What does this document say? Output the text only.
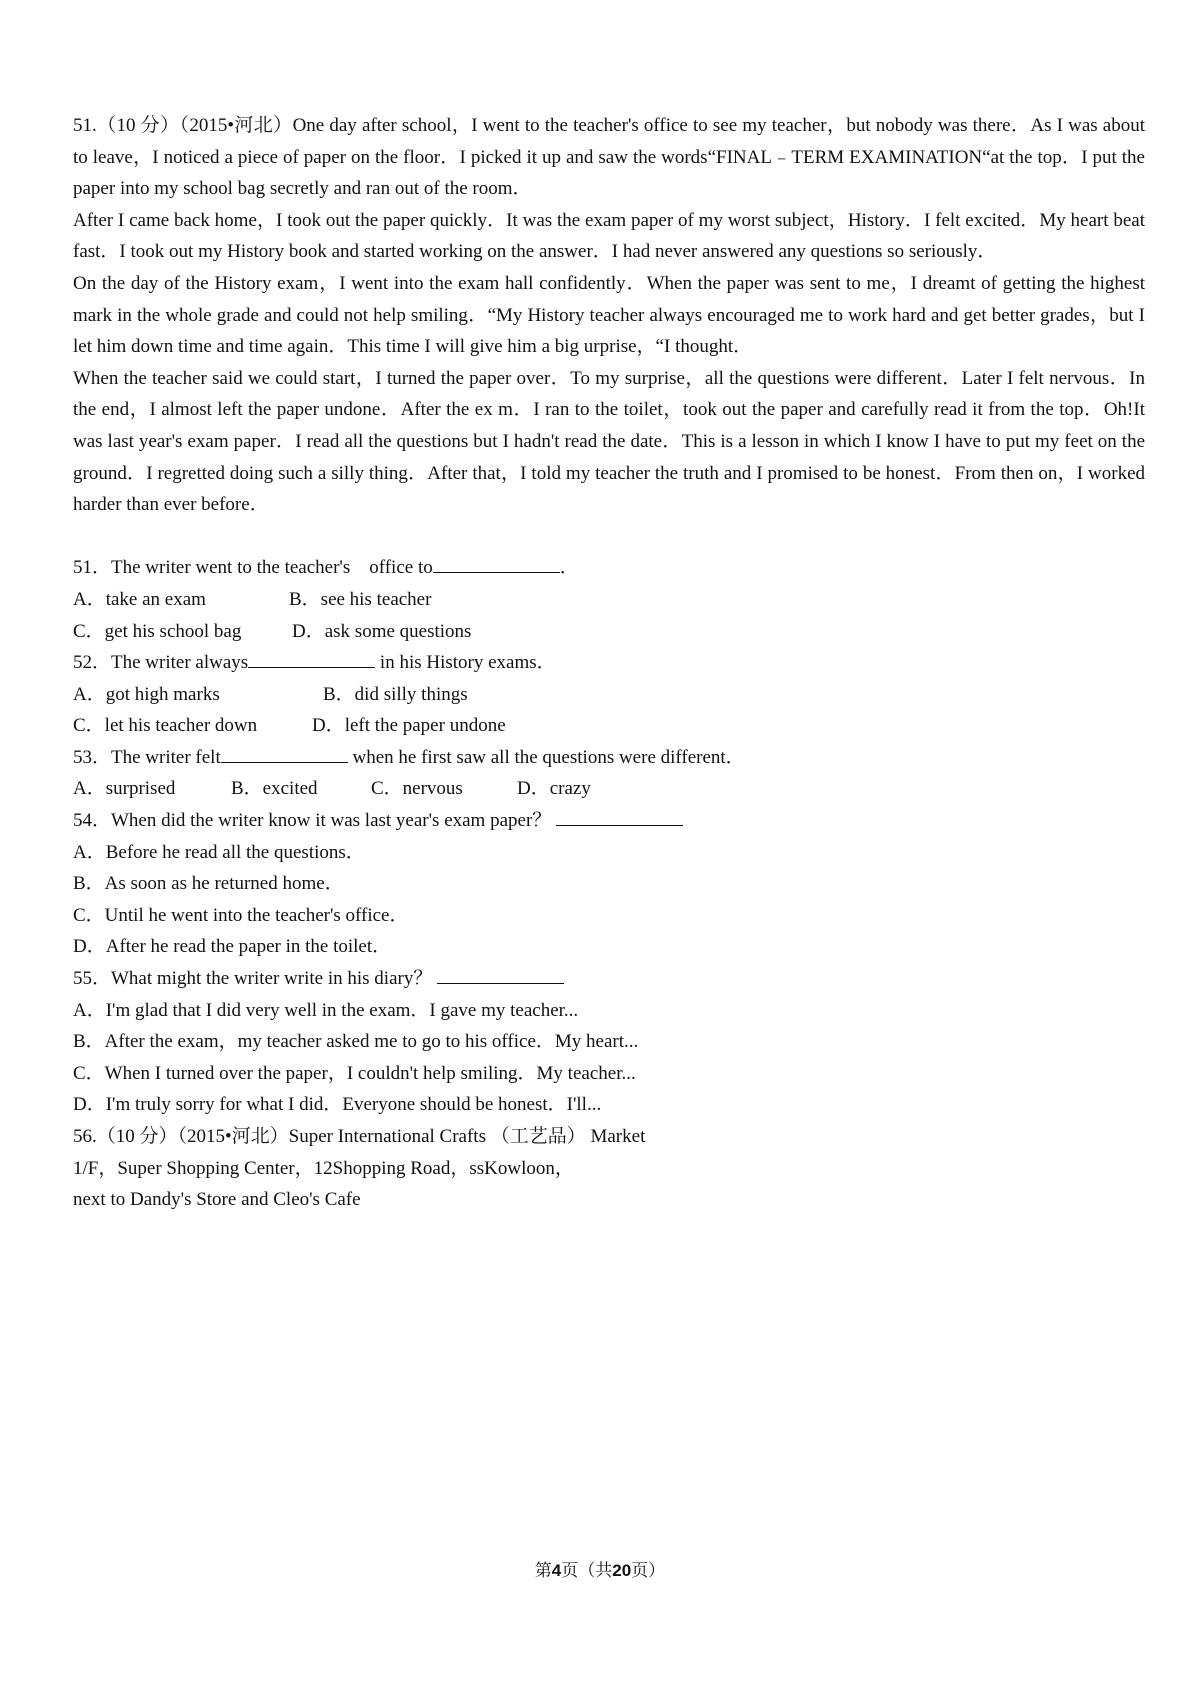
51.（10 分）（2015•河北）One day after school，I went to the teacher's office to see my teacher，but nobody was there．As I was about to leave，I noticed a piece of paper on the floor．I picked it up and saw the words“FINAL﹣TERM EXAMINATION“at the top．I put the paper into my school bag secretly and ran out of the room．

After I came back home，I took out the paper quickly．It was the exam paper of my worst subject，History．I felt excited．My heart beat fast．I took out my History book and started working on the answer．I had never answered any questions so seriously．

On the day of the History exam，I went into the exam hall confidently．When the paper was sent to me，I dreamt of getting the highest mark in the whole grade and could not help smiling．“My History teacher always encouraged me to work hard and get better grades，but I let him down time and time again．This time I will give him a big urprise，“I thought．

When the teacher said we could start，I turned the paper over．To my surprise，all the questions were different．Later I felt nervous．In the end，I almost left the paper undone．After the ex m．I ran to the toilet，took out the paper and carefully read it from the top．Oh!It was last year's exam paper．I read all the questions but I hadn't read the date．This is a lesson in which I know I have to put my feet on the ground．I regretted doing such a silly thing．After that，I told my teacher the truth and I promised to be honest．From then on，I worked harder than ever before．

51．The writer went to the teacher's　office to	．
A．take an exam	B．see his teacher
C．get his school bag	D．ask some questions
52．The writer always	in his History exams．
A．got high marks	B．did silly things
C．let his teacher down	D．left the paper undone
53．The writer felt	when he first saw all the questions were different．
A．surprised	B．excited	C．nervous	D．crazy
54．When did the writer know it was last year's exam paper？
A．Before he read all the questions．
B．As soon as he returned home．
C．Until he went into the teacher's office．
D．After he read the paper in the toilet．
55．What might the writer write in his diary？
A．I'm glad that I did very well in the exam．I gave my teacher...
B．After the exam，my teacher asked me to go to his office．My heart...
C．When I turned over the paper，I couldn't help smiling．My teacher...
D．I'm truly sorry for what I did．Everyone should be honest．I'll...
56.（10 分）（2015•河北）Super International Crafts （工艺品） Market
1/F，Super Shopping Center，12Shopping Road，ssKowloon，
next to Dandy's Store and Cleo's Cafe
第4页（共20页）
